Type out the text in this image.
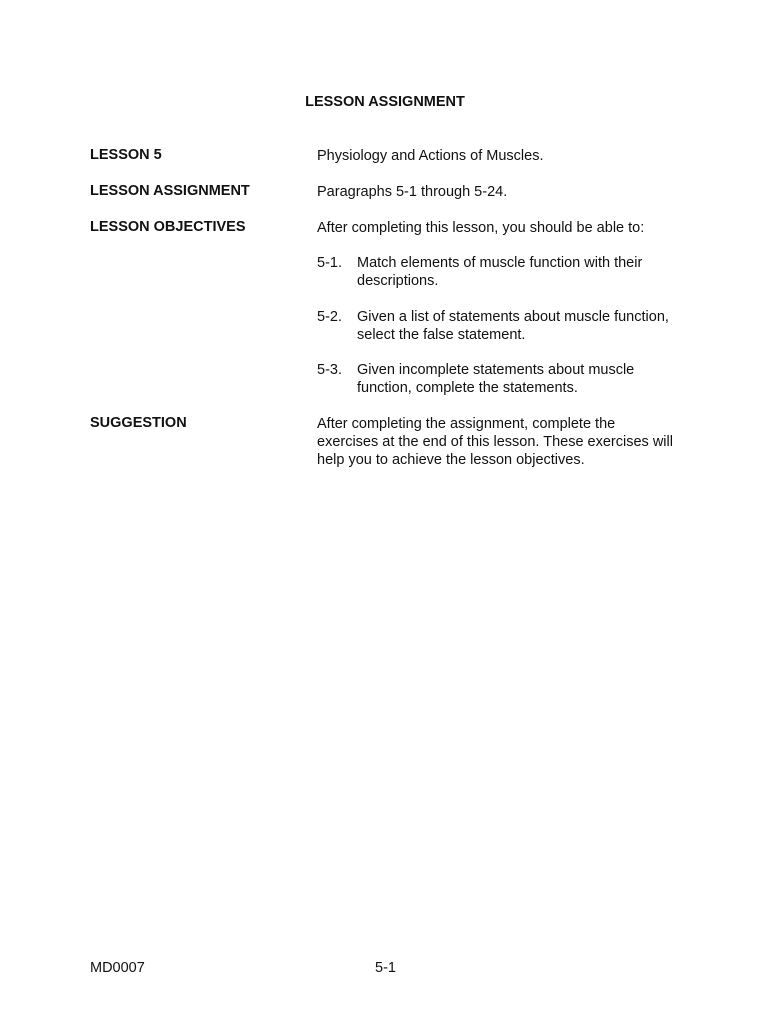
LESSON ASSIGNMENT
LESSON 5	Physiology and Actions of Muscles.
LESSON ASSIGNMENT	Paragraphs 5-1 through 5-24.
LESSON OBJECTIVES	After completing this lesson, you should be able to:
5-1. Match elements of muscle function with their descriptions.
5-2. Given a list of statements about muscle function, select the false statement.
5-3. Given incomplete statements about muscle function, complete the statements.
SUGGESTION	After completing the assignment, complete the exercises at the end of this lesson. These exercises will help you to achieve the lesson objectives.
MD0007	5-1
